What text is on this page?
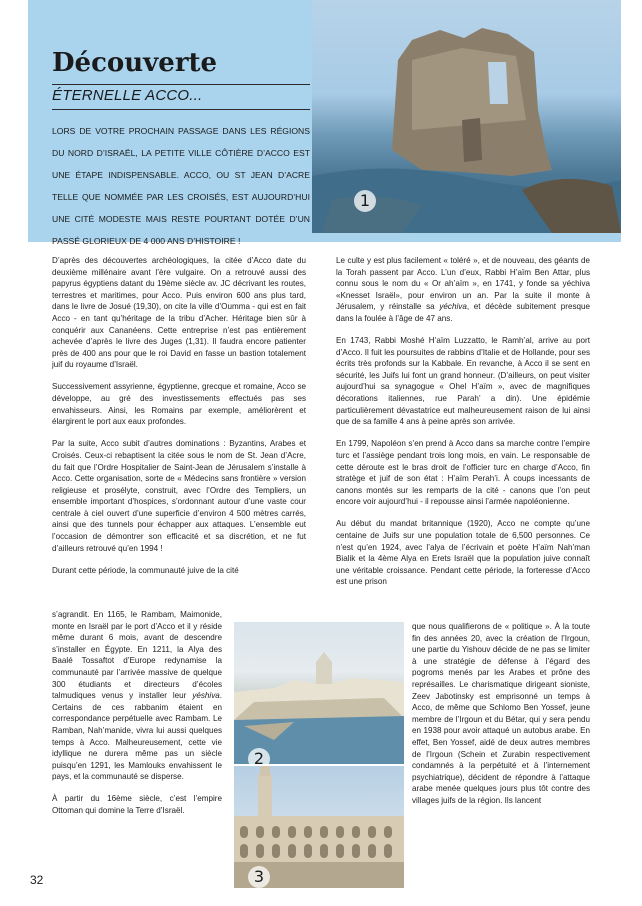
Découverte
ÉTERNELLE ACCO...
LORS DE VOTRE PROCHAIN PASSAGE DANS LES RÉGIONS DU NORD D’ISRAËL, LA PETITE VILLE CÔTIÈRE D’ACCO EST UNE ÉTAPE INDISPENSABLE. ACCO, OU ST JEAN D’ACRE TELLE QUE NOMMÉE PAR LES CROISÉS, EST AUJOURD’HUI UNE CITÉ MODESTE MAIS RESTE POURTANT DOTÉE D’UN PASSÉ GLORIEUX DE 4 000 ANS D’HISTOIRE !
1

D’après des découvertes archéologiques, la citée d’Acco date du deuxième millénaire avant l’ère vulgaire. On a retrouvé aussi des papyrus égyptiens datant du 19ème siècle av. JC décrivant les routes, terrestres et maritimes, pour Acco. Puis environ 600 ans plus tard, dans le livre de Josué (19,30), on cite la ville d’Oumma - qui est en fait Acco - en tant qu’héritage de la tribu d’Acher. Héritage bien sûr à conquérir aux Cananéens. Cette entreprise n’est pas entièrement achevée d’après le livre des Juges (1,31). Il faudra encore patienter près de 400 ans pour que le roi David en fasse un bastion totalement juif du royaume d’Israël.

Successivement assyrienne, égyptienne, grecque et romaine, Acco se développe, au gré des investissements effectués pas ses envahisseurs. Ainsi, les Romains par exemple, améliorèrent et élargirent le port aux eaux profondes.

Par la suite, Acco subit d’autres dominations : Byzantins, Arabes et Croisés. Ceux-ci rebaptisent la citée sous le nom de St. Jean d’Acre, du fait que l’Ordre Hospitalier de Saint-Jean de Jérusalem s’installe à Acco. Cette organisation, sorte de « Médecins sans frontière » version religieuse et prosélyte, construit, avec l’Ordre des Templiers, un ensemble important d’hospices, s’ordonnant autour d’une vaste cour centrale à ciel ouvert d’une superficie d’environ 4 500 mètres carrés, ainsi que des tunnels pour échapper aux attaques. L’ensemble eut l’occasion de démontrer son efficacité et sa discrétion, et ne fut d’ailleurs retrouvé qu’en 1994 !

Durant cette période, la communauté juive de la cité

s’agrandit. En 1165, le Rambam, Maimonide, monte en Israël par le port d’Acco et il y réside même durant 6 mois, avant de descendre s’installer en Égypte. En 1211, la Alya des Baalé Tossaftot d’Europe redynamise la communauté par l’arrivée massive de quelque 300 étudiants et directeurs d’écoles talmudiques venus y installer leur yéshiva. Certains de ces rabbanim étaient en correspondance perpétuelle avec Rambam. Le Ramban, Nah’manide, vivra lui aussi quelques temps à Acco. Malheureusement, cette vie idyllique ne durera même pas un siècle puisqu’en 1291, les Mamlouks envahissent le pays, et la communauté se disperse.

À partir du 16ème siècle, c’est l’empire Ottoman qui domine la Terre d’Israël.

2
3

Le culte y est plus facilement « toléré », et de nouveau, des géants de la Torah passent par Acco. L’un d’eux, Rabbi H’aïm Ben Attar, plus connu sous le nom du « Or ah’aïm », en 1741, y fonde sa yéchiva «Knesset Israël», pour environ un an. Par la suite il monte à Jérusalem, y réinstalle sa yéchiva, et décède subitement presque dans la foulée à l’âge de 47 ans.

En 1743, Rabbi Moshé H’aïm Luzzatto, le Ramh’al, arrive au port d’Acco. Il fuit les poursuites de rabbins d’Italie et de Hollande, pour ses écrits très profonds sur la Kabbale. En revanche, à Acco il se sent en sécurité, les Juifs lui font un grand honneur. (D’ailleurs, on peut visiter aujourd’hui sa synagogue « Ohel H’aïm », avec de magnifiques décorations italiennes, rue Parah’ a din). Une épidémie particulièrement dévastatrice eut malheureusement raison de lui ainsi que de sa famille 4 ans à peine après son arrivée.

En 1799, Napoléon s’en prend à Acco dans sa marche contre l’empire turc et l’assiège pendant trois long mois, en vain. Le responsable de cette déroute est le bras droit de l’officier turc en charge d’Acco, fin stratège et juif de son état : H’aïm Perah’i. À coups incessants de canons montés sur les remparts de la cité - canons que l’on peut encore voir aujourd’hui - il repousse ainsi l’armée napoléonienne.

Au début du mandat britannique (1920), Acco ne compte qu’une centaine de Juifs sur une population totale de 6,500 personnes. Ce n’est qu’en 1924, avec l’alya de l’écrivain et poète H’aïm Nah’man Bialik et la 4ème Alya en Erets Israël que la population juive connaît une véritable croissance. Pendant cette période, la forteresse d’Acco est une prison

que nous qualifierons de « politique ». À la toute fin des années 20, avec la création de l’Irgoun, une partie du Yishouv décide de ne pas se limiter à une stratégie de défense à l’égard des pogroms menés par les Arabes et prône des représailles. Le charismatique dirigeant sioniste, Zeev Jabotinsky est emprisonné un temps à Acco, de même que Schlomo Ben Yossef, jeune membre de l’Irgoun et du Bétar, qui y sera pendu en 1938 pour avoir attaqué un autobus arabe. En effet, Ben Yossef, aidé de deux autres membres de l’Irgoun (Schein et Zurabin respectivement condamnés à la perpétuité et à l’internement psychiatrique), décident de répondre à l’attaque arabe menée quelques jours plus tôt contre des villages juifs de la région. Ils lancent

32
